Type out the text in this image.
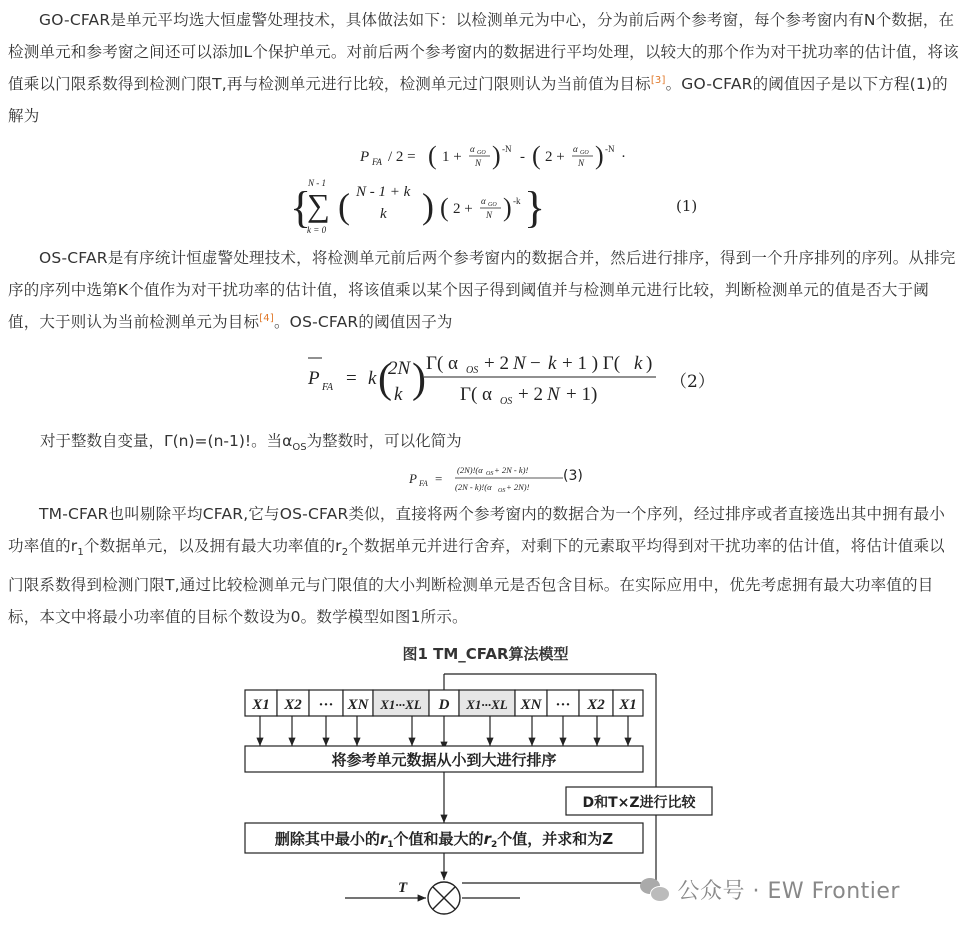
GO-CFAR是单元平均选大恒虚警处理技术，具体做法如下：以检测单元为中心，分为前后两个参考窗，每个参考窗内有N个数据，在检测单元和参考窗之间还可以添加L个保护单元。对前后两个参考窗内的数据进行平均处理，以较大的那个作为对干扰功率的估计值，将该值乘以门限系数得到检测门限T,再与检测单元进行比较，检测单元过门限则认为当前值为目标[3]。GO-CFAR的阈值因子是以下方程(1)的解为

P FA / 2 = ( 1 + α GO
N ) -N - ( 2 + α GO
N ) -N ·
{
N - 1
∑
k = 0
( N - 1 + k
k ) ( 2 + α GO
N ) -k }	(1)

OS-CFAR是有序统计恒虚警处理技术，将检测单元前后两个参考窗内的数据合并，然后进行排序，得到一个升序排列的序列。从排完序的序列中选第K个值作为对干扰功率的估计值，将该值乘以某个因子得到阈值并与检测单元进行比较，判断检测单元的值是否大于阈值，大于则认为当前检测单元为目标[4]。OS-CFAR的阈值因子为

P FA = k (
2N
k ) Γ( α OS + 2 N − k + 1 ) Γ( k )
Γ( α OS + 2 N + 1)
（2）
对于整数自变量，Γ(n)=(n-1)!。当$\alpha_{OS}$为整数时，可以化简为
P FA =
(2N)!(α OS + 2N - k)!
(2N - k)!(α OS + 2N)!
(3)

TM-CFAR也叫剔除平均CFAR,它与OS-CFAR类似，直接将两个参考窗内的数据合为一个序列，经过排序或者直接选出其中拥有最小功率值的$r_1$个数据单元，以及拥有最大功率值的$r_2$个数据单元并进行舍弃，对剩下的元素取平均得到对干扰功率的估计值，将估计值乘以门限系数得到检测门限T,通过比较检测单元与门限值的大小判断检测单元是否包含目标。在实际应用中，优先考虑拥有最大功率值的目标，本文中将最小功率值的目标个数设为0。数学模型如图1所示。

图1 TM_CFAR算法模型
X1 X2 ··· XN X1···XL D X1···XL XN ··· X2 X1
将参考单元数据从小到大进行排序
D和T×Z进行比较
删除其中最小的$r_1$个值和最大的$r_2$个值，并求和为Z
T	公众号 · EW Frontier
